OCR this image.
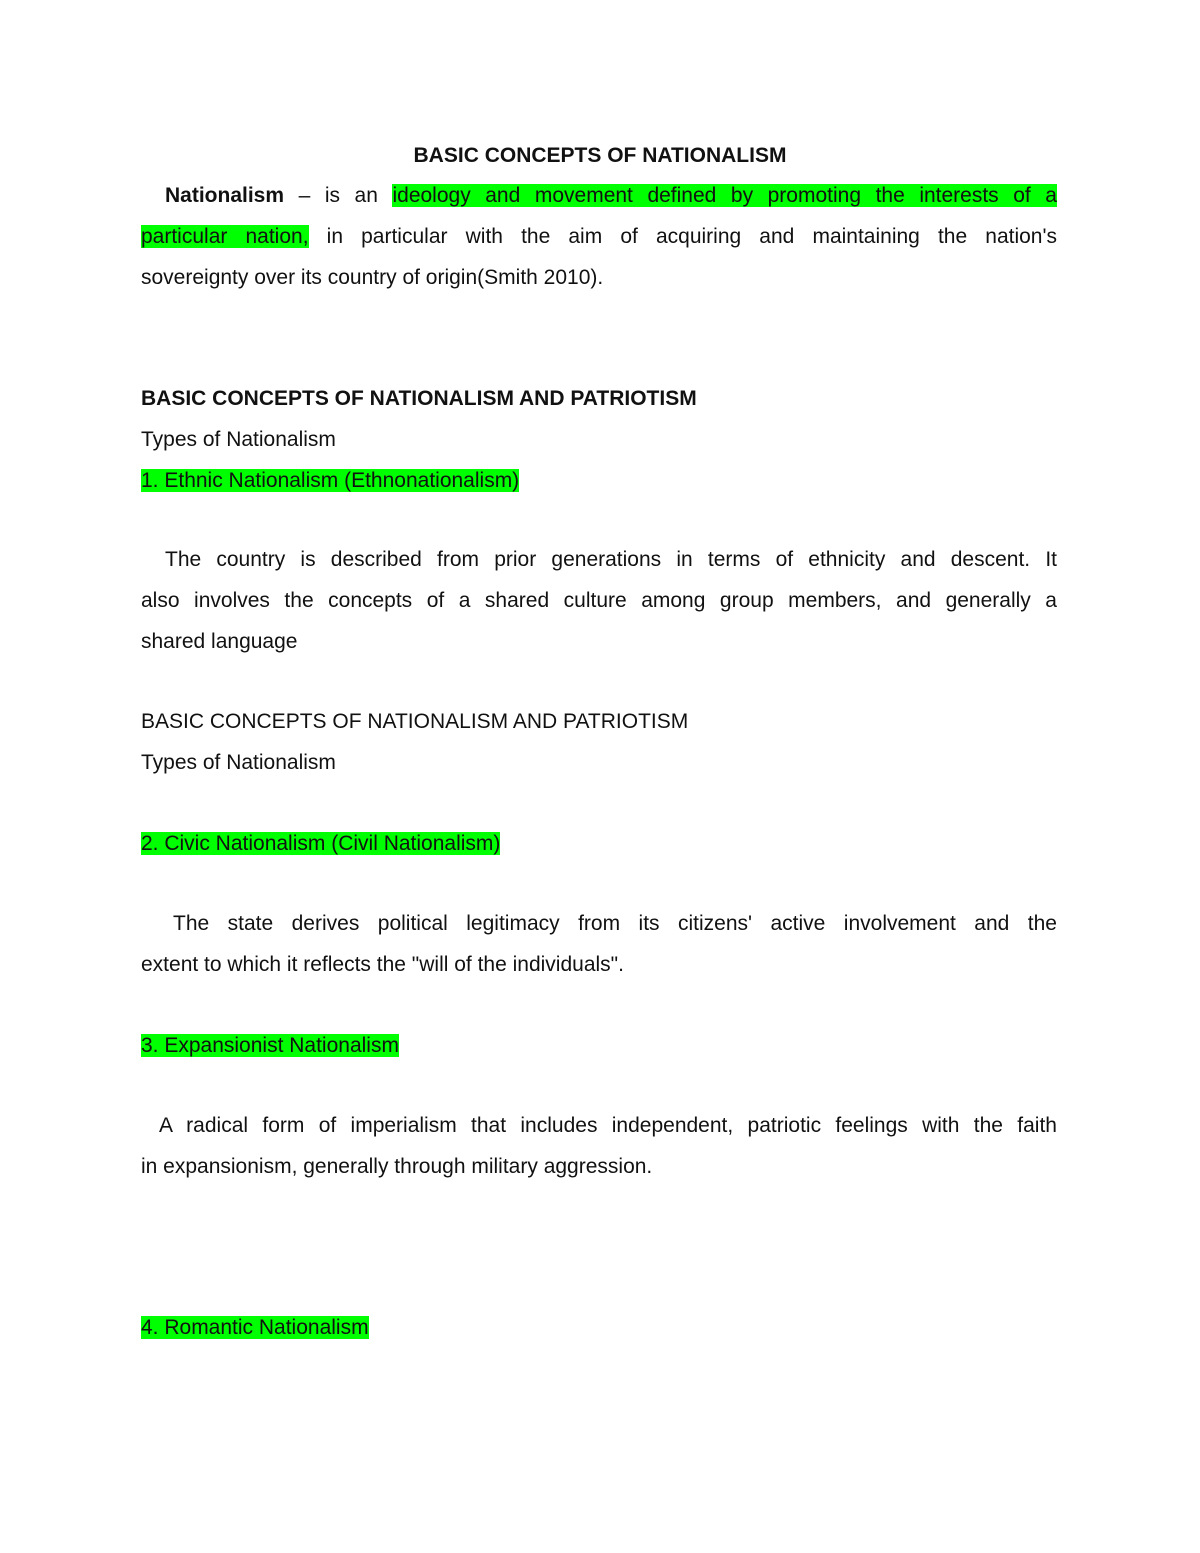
BASIC CONCEPTS OF NATIONALISM
Nationalism – is an ideology and movement defined by promoting the interests of a
particular nation, in particular with the aim of acquiring and maintaining the nation's
sovereignty over its country of origin(Smith 2010).
BASIC CONCEPTS OF NATIONALISM AND PATRIOTISM
Types of Nationalism
1. Ethnic Nationalism (Ethnonationalism)
The country is described from prior generations in terms of ethnicity and descent. It
also involves the concepts of a shared culture among group members, and generally a
shared language
BASIC CONCEPTS OF NATIONALISM AND PATRIOTISM
Types of Nationalism
2. Civic Nationalism (Civil Nationalism)
The state derives political legitimacy from its citizens' active involvement and the
extent to which it reflects the "will of the individuals".
3. Expansionist Nationalism
A radical form of imperialism that includes independent, patriotic feelings with the faith
in expansionism, generally through military aggression.
4. Romantic Nationalism
